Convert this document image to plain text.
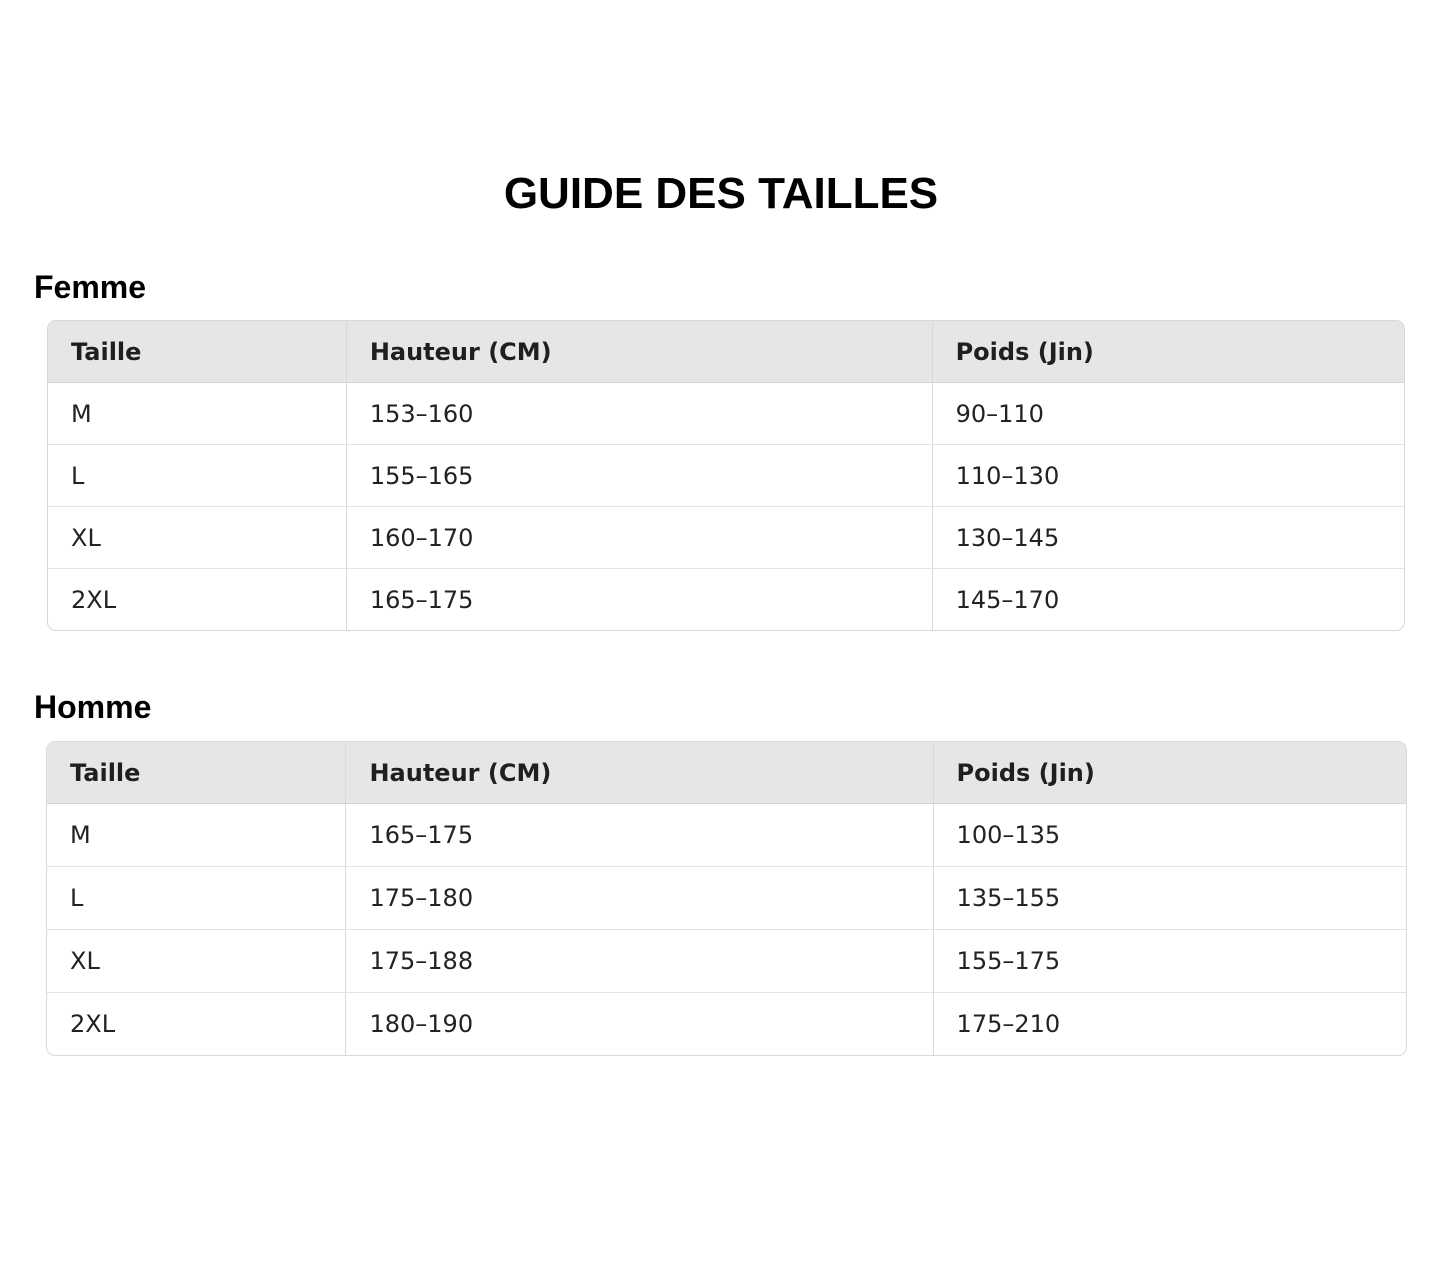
GUIDE DES TAILLES
Femme
Taille	Hauteur (CM)	Poids (Jin)
M	153–160	90–110
L	155–165	110–130
XL	160–170	130–145
2XL	165–175	145–170
Homme
Taille	Hauteur (CM)	Poids (Jin)
M	165–175	100–135
L	175–180	135–155
XL	175–188	155–175
2XL	180–190	175–210
